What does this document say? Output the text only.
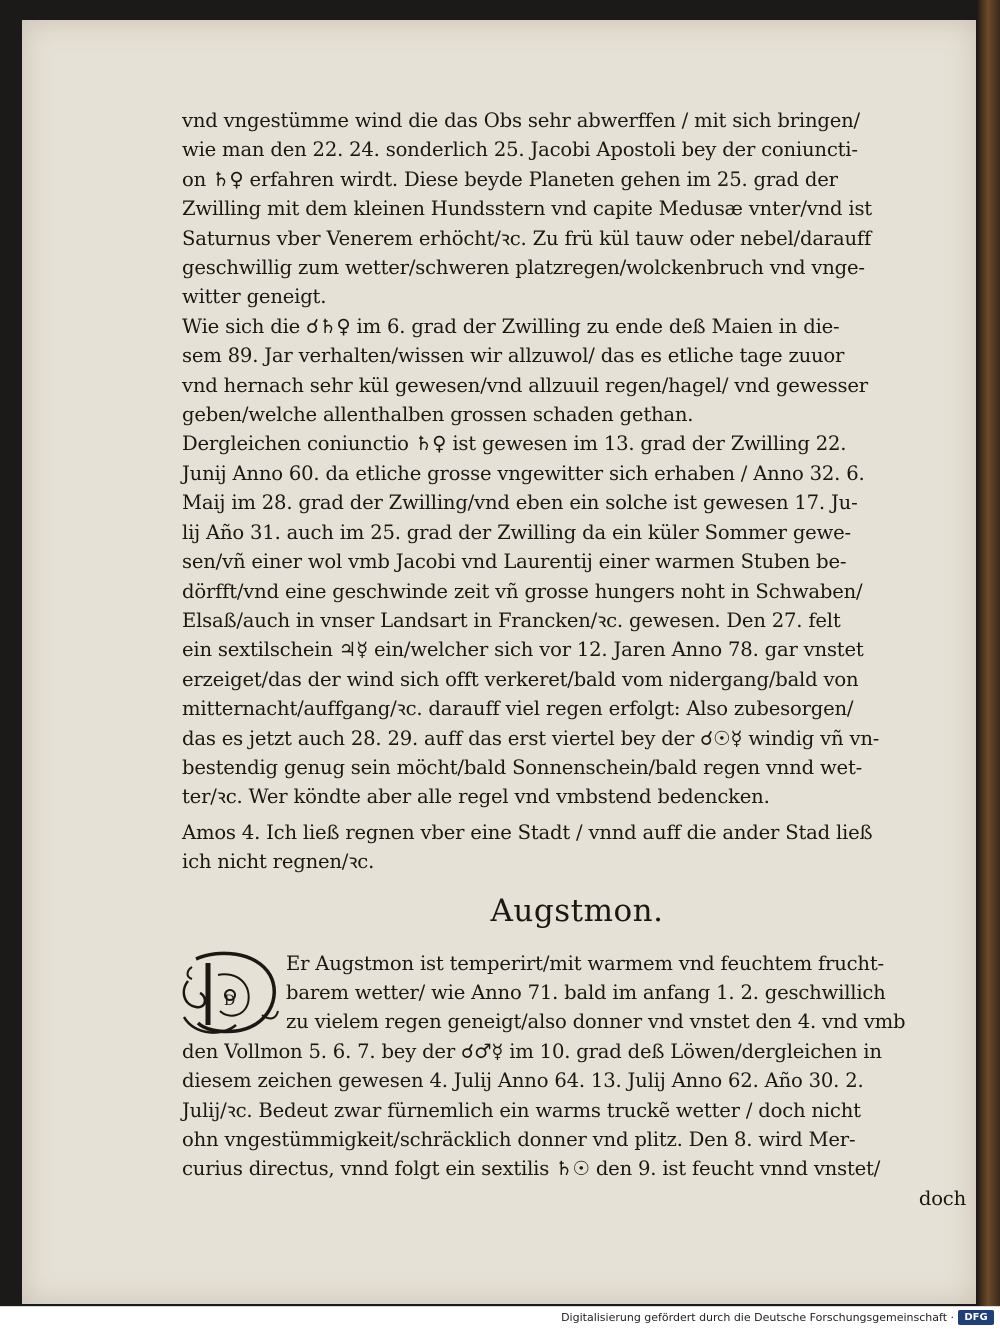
vnd vngestümme wind die das Obs sehr abwerffen / mit sich bringen/
wie man den 22. 24. sonderlich 25. Jacobi Apostoli bey der coniuncti-
on ♄♀ erfahren wirdt. Diese beyde Planeten gehen im 25. grad der
Zwilling mit dem kleinen Hundsstern vnd capite Medusæ vnter/vnd ist
Saturnus vber Venerem erhöcht/ꝛc. Zu frü kül tauw oder nebel/darauff
geschwillig zum wetter/schweren platzregen/wolckenbruch vnd vnge-
witter geneigt.

Wie sich die ☌♄♀ im 6. grad der Zwilling zu ende deß Maien in die-
sem 89. Jar verhalten/wissen wir allzuwol/ das es etliche tage zuuor
vnd hernach sehr kül gewesen/vnd allzuuil regen/hagel/ vnd gewesser
geben/welche allenthalben grossen schaden gethan.

Dergleichen coniunctio ♄♀ ist gewesen im 13. grad der Zwilling 22.
Junij Anno 60. da etliche grosse vngewitter sich erhaben / Anno 32. 6.
Maij im 28. grad der Zwilling/vnd eben ein solche ist gewesen 17. Ju-
lij Año 31. auch im 25. grad der Zwilling da ein küler Sommer gewe-
sen/vñ einer wol vmb Jacobi vnd Laurentij einer warmen Stuben be-
dörfft/vnd eine geschwinde zeit vñ grosse hungers noht in Schwaben/
Elsaß/auch in vnser Landsart in Francken/ꝛc. gewesen. Den 27. felt
ein sextilschein ♃☿ ein/welcher sich vor 12. Jaren Anno 78. gar vnstet
erzeiget/das der wind sich offt verkeret/bald vom nidergang/bald von
mitternacht/auffgang/ꝛc. darauff viel regen erfolgt: Also zubesorgen/
das es jetzt auch 28. 29. auff das erst viertel bey der ☌☉☿ windig vñ vn-
bestendig genug sein möcht/bald Sonnenschein/bald regen vnnd wet-
ter/ꝛc. Wer köndte aber alle regel vnd vmbstend bedencken.

Amos 4. Ich ließ regnen vber eine Stadt / vnnd auff die ander Stad ließ
ich nicht regnen/ꝛc.

Augstmon.
D

Er Augstmon ist temperirt/mit warmem vnd feuchtem frucht-
barem wetter/ wie Anno 71. bald im anfang 1. 2. geschwillich
zu vielem regen geneigt/also donner vnd vnstet den 4. vnd vmb
den Vollmon 5. 6. 7. bey der ☌♂☿ im 10. grad deß Löwen/dergleichen in
diesem zeichen gewesen 4. Julij Anno 64. 13. Julij Anno 62. Año 30. 2.
Julij/ꝛc. Bedeut zwar fürnemlich ein warms truckẽ wetter / doch nicht
ohn vngestümmigkeit/schräcklich donner vnd plitz. Den 8. wird Mer-
curius directus, vnnd folgt ein sextilis ♄☉ den 9. ist feucht vnnd vnstet/
doch

Digitalisierung gefördert durch die Deutsche Forschungsgemeinschaft ·	DFG
